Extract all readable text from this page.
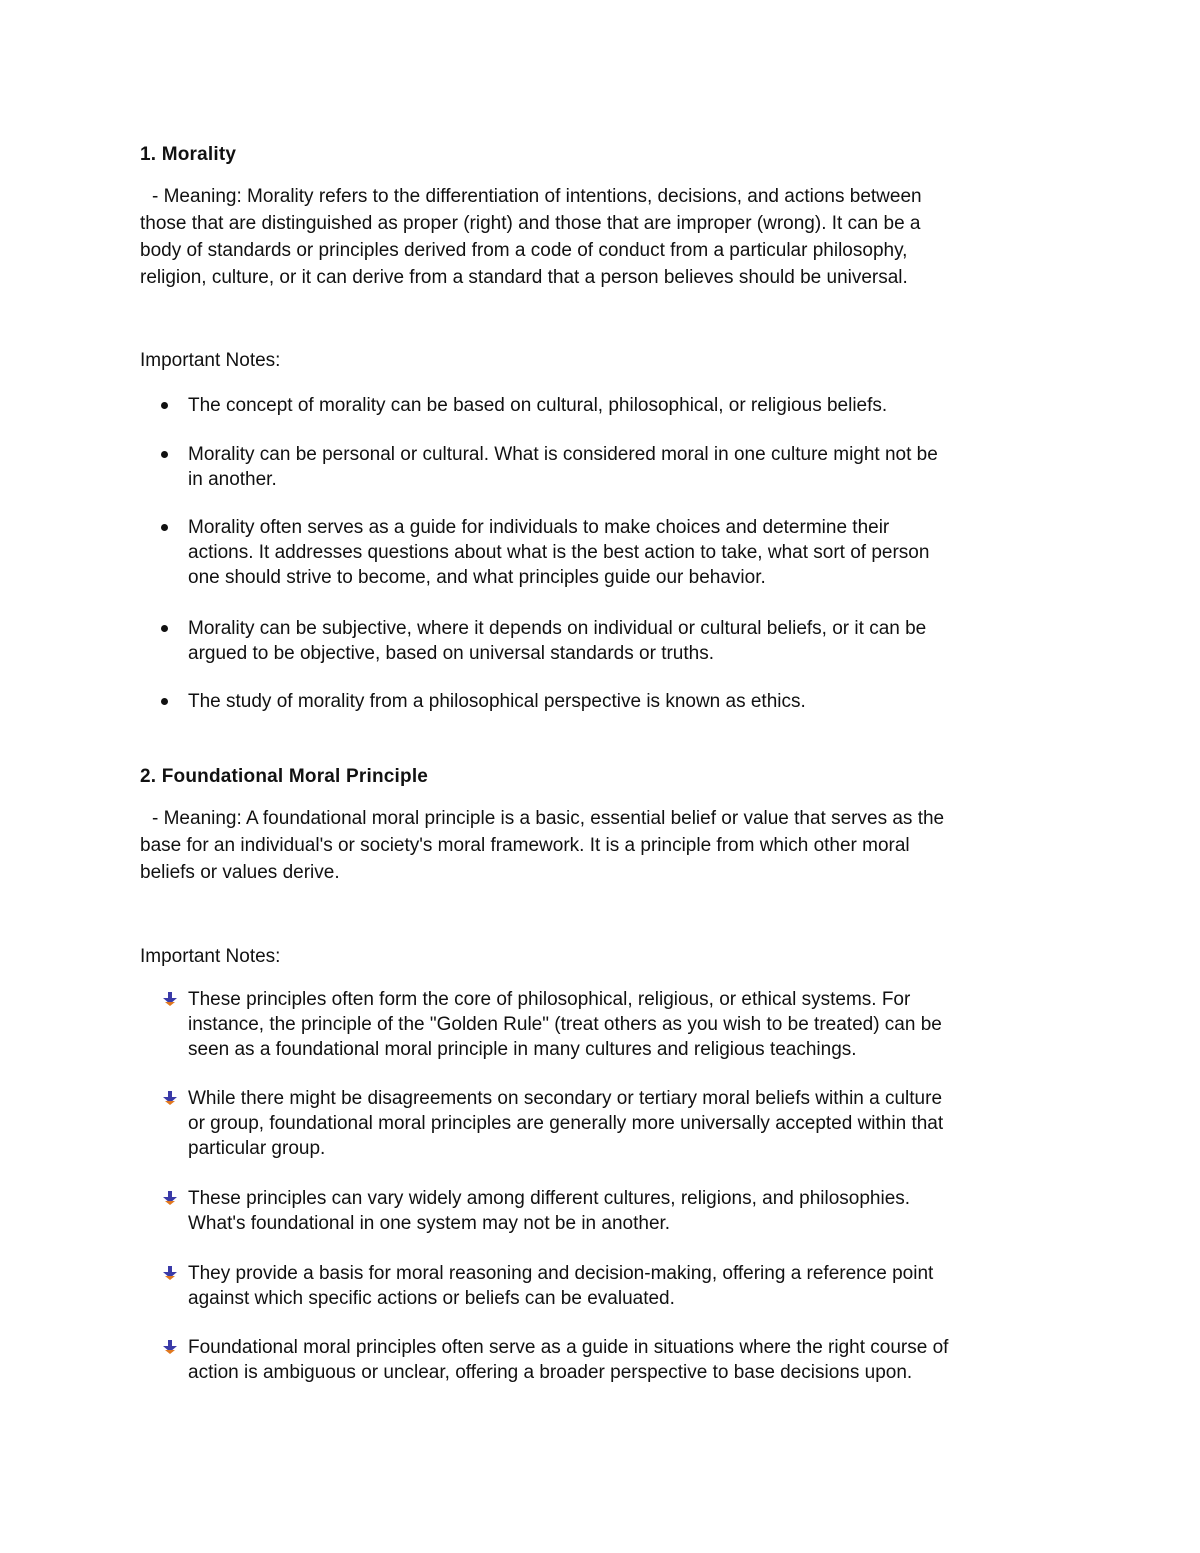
1. Morality
- Meaning: Morality refers to the differentiation of intentions, decisions, and actions between
those that are distinguished as proper (right) and those that are improper (wrong). It can be a
body of standards or principles derived from a code of conduct from a particular philosophy,
religion, culture, or it can derive from a standard that a person believes should be universal.

Important Notes:

The concept of morality can be based on cultural, philosophical, or religious beliefs.
Morality can be personal or cultural. What is considered moral in one culture might not be
in another.
Morality often serves as a guide for individuals to make choices and determine their
actions. It addresses questions about what is the best action to take, what sort of person
one should strive to become, and what principles guide our behavior.
Morality can be subjective, where it depends on individual or cultural beliefs, or it can be
argued to be objective, based on universal standards or truths.
The study of morality from a philosophical perspective is known as ethics.
2. Foundational Moral Principle
- Meaning: A foundational moral principle is a basic, essential belief or value that serves as the
base for an individual's or society's moral framework. It is a principle from which other moral
beliefs or values derive.

Important Notes:

These principles often form the core of philosophical, religious, or ethical systems. For
instance, the principle of the "Golden Rule" (treat others as you wish to be treated) can be
seen as a foundational moral principle in many cultures and religious teachings.
While there might be disagreements on secondary or tertiary moral beliefs within a culture
or group, foundational moral principles are generally more universally accepted within that
particular group.
These principles can vary widely among different cultures, religions, and philosophies.
What's foundational in one system may not be in another.
They provide a basis for moral reasoning and decision-making, offering a reference point
against which specific actions or beliefs can be evaluated.
Foundational moral principles often serve as a guide in situations where the right course of
action is ambiguous or unclear, offering a broader perspective to base decisions upon.
